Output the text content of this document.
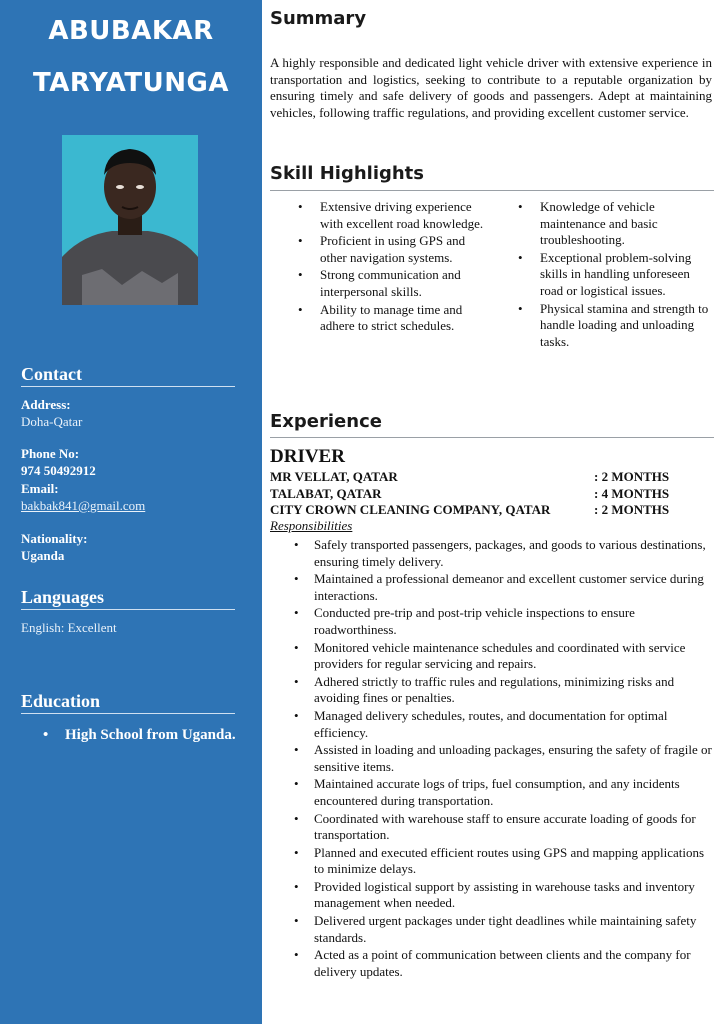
ABUBAKAR
TARYATUNGA
Contact
Address:
Doha-Qatar
Phone No:
974 50492912
Email:
bakbak841@gmail.com
Nationality:
Uganda
Languages
English: Excellent
Education
• High School from Uganda.
Summary
A highly responsible and dedicated light vehicle driver with extensive experience in transportation and logistics, seeking to contribute to a reputable organization by ensuring timely and safe delivery of goods and passengers. Adept at maintaining vehicles, following traffic regulations, and providing excellent customer service.
Skill Highlights
• Extensive driving experience with excellent road knowledge.
• Proficient in using GPS and other navigation systems.
• Strong communication and interpersonal skills.
• Ability to manage time and adhere to strict schedules.
• Knowledge of vehicle maintenance and basic troubleshooting.
• Exceptional problem-solving skills in handling unforeseen road or logistical issues.
• Physical stamina and strength to handle loading and unloading tasks.
Experience
DRIVER
MR VELLAT, QATAR	: 2 MONTHS
TALABAT, QATAR	: 4 MONTHS
CITY CROWN CLEANING COMPANY, QATAR	: 2 MONTHS
Responsibilities
• Safely transported passengers, packages, and goods to various destinations, ensuring timely delivery.
• Maintained a professional demeanor and excellent customer service during interactions.
• Conducted pre-trip and post-trip vehicle inspections to ensure roadworthiness.
• Monitored vehicle maintenance schedules and coordinated with service providers for regular servicing and repairs.
• Adhered strictly to traffic rules and regulations, minimizing risks and avoiding fines or penalties.
• Managed delivery schedules, routes, and documentation for optimal efficiency.
• Assisted in loading and unloading packages, ensuring the safety of fragile or sensitive items.
• Maintained accurate logs of trips, fuel consumption, and any incidents encountered during transportation.
• Coordinated with warehouse staff to ensure accurate loading of goods for transportation.
• Planned and executed efficient routes using GPS and mapping applications to minimize delays.
• Provided logistical support by assisting in warehouse tasks and inventory management when needed.
• Delivered urgent packages under tight deadlines while maintaining safety standards.
• Acted as a point of communication between clients and the company for delivery updates.
